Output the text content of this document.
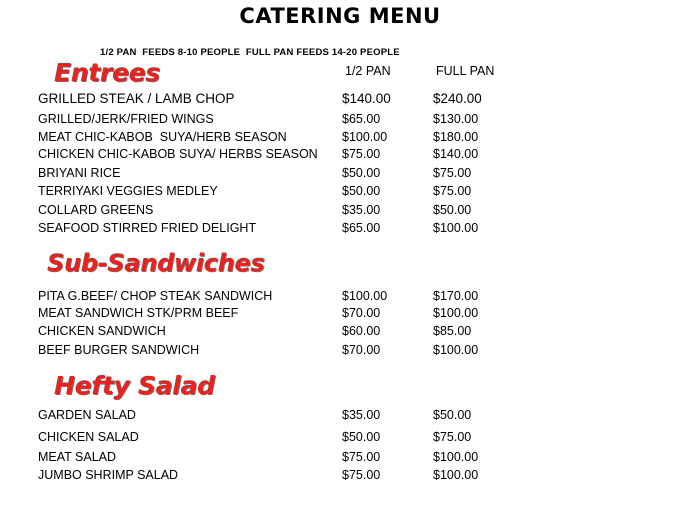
CATERING MENU
1/2 PAN  FEEDS 8-10 PEOPLE  FULL PAN FEEDS 14-20 PEOPLE
Entrees
Sub-Sandwiches
Hefty Salad
1/2 PAN	FULL PAN
GRILLED STEAK / LAMB CHOP	$140.00	$240.00
GRILLED/JERK/FRIED WINGS	$65.00	$130.00
MEAT CHIC-KABOB  SUYA/HERB SEASON	$100.00	$180.00
CHICKEN CHIC-KABOB SUYA/ HERBS SEASON $75.00	$140.00
BRIYANI RICE	$50.00	$75.00
TERRIYAKI VEGGIES MEDLEY	$50.00	$75.00
COLLARD GREENS	$35.00	$50.00
SEAFOOD STIRRED FRIED DELIGHT	$65.00	$100.00
PITA G.BEEF/ CHOP STEAK SANDWICH	$100.00	$170.00
MEAT SANDWICH STK/PRM BEEF	$70.00	$100.00
CHICKEN SANDWICH	$60.00	$85.00
BEEF BURGER SANDWICH	$70.00	$100.00
GARDEN SALAD	$35.00	$50.00
CHICKEN SALAD	$50.00	$75.00
MEAT SALAD	$75.00	$100.00
JUMBO SHRIMP SALAD	$75.00	$100.00
